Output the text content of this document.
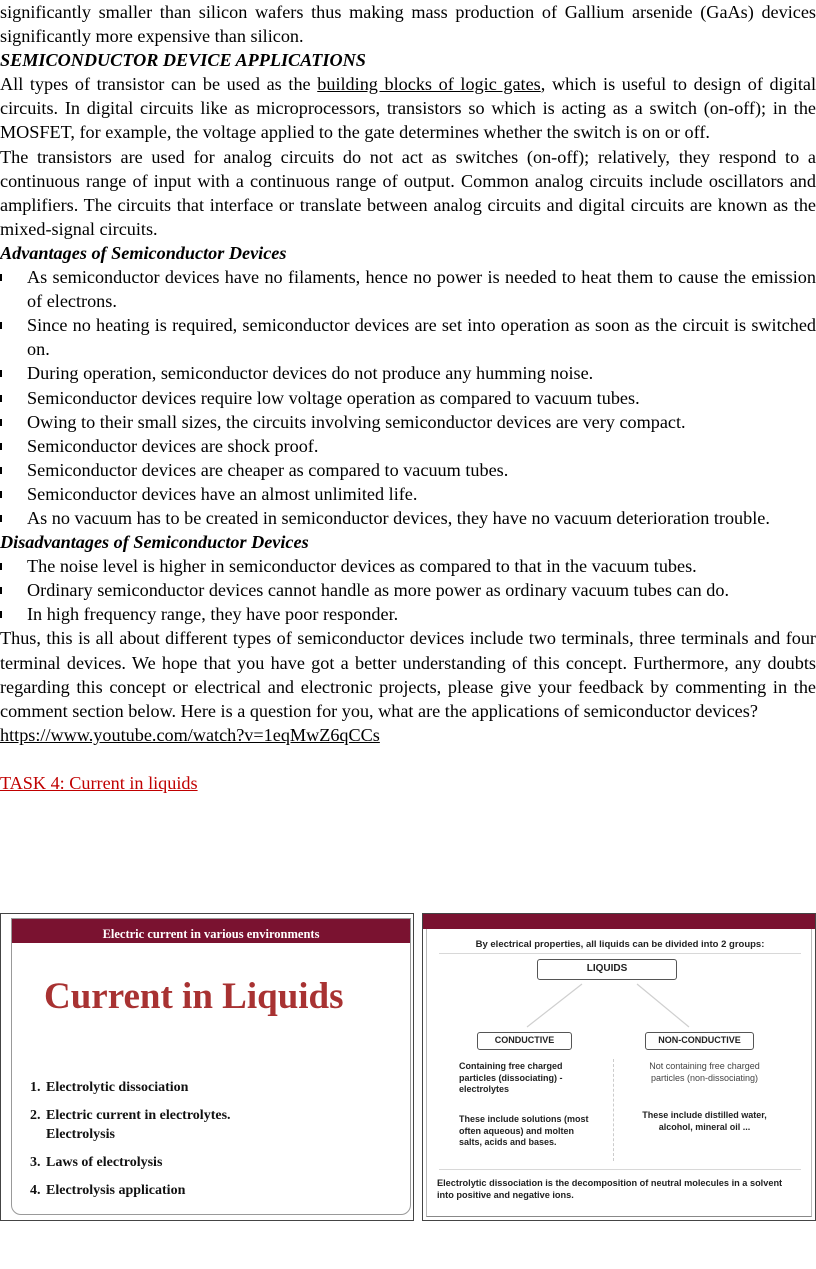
significantly smaller than silicon wafers thus making mass production of Gallium arsenide (GaAs) devices significantly more expensive than silicon.

SEMICONDUCTOR DEVICE APPLICATIONS

All types of transistor can be used as the building blocks of logic gates, which is useful to design of digital circuits. In digital circuits like as microprocessors, transistors so which is acting as a switch (on-off); in the MOSFET, for example, the voltage applied to the gate determines whether the switch is on or off.

The transistors are used for analog circuits do not act as switches (on-off); relatively, they respond to a continuous range of input with a continuous range of output. Common analog circuits include oscillators and amplifiers. The circuits that interface or translate between analog circuits and digital circuits are known as the mixed-signal circuits.

Advantages of Semiconductor Devices

As semiconductor devices have no filaments, hence no power is needed to heat them to cause the emission of electrons.
Since no heating is required, semiconductor devices are set into operation as soon as the circuit is switched on.
During operation, semiconductor devices do not produce any humming noise.
Semiconductor devices require low voltage operation as compared to vacuum tubes.
Owing to their small sizes, the circuits involving semiconductor devices are very compact.
Semiconductor devices are shock proof.
Semiconductor devices are cheaper as compared to vacuum tubes.
Semiconductor devices have an almost unlimited life.
As no vacuum has to be created in semiconductor devices, they have no vacuum deterioration trouble.

Disadvantages of Semiconductor Devices

The noise level is higher in semiconductor devices as compared to that in the vacuum tubes.
Ordinary semiconductor devices cannot handle as more power as ordinary vacuum tubes can do.
In high frequency range, they have poor responder.

Thus, this is all about different types of semiconductor devices include two terminals, three terminals and four terminal devices. We hope that you have got a better understanding of this concept. Furthermore, any doubts regarding this concept or electrical and electronic projects, please give your feedback by commenting in the comment section below. Here is a question for you, what are the applications of semiconductor devices?

https://www.youtube.com/watch?v=1eqMwZ6qCCs

TASK 4: Current in liquids

Electric current in various environments
Current in Liquids
1. Electrolytic dissociation
2. Electric current in electrolytes. Electrolysis
3. Laws of electrolysis
4. Electrolysis application
By electrical properties, all liquids can be divided into 2 groups:
LIQUIDS
CONDUCTIVE	NON-CONDUCTIVE
Containing free charged particles (dissociating) - electrolytes
Not containing free charged particles (non-dissociating)
These include solutions (most often aqueous) and molten salts, acids and bases.
These include distilled water, alcohol, mineral oil ...
Electrolytic dissociation is the decomposition of neutral molecules in a solvent into positive and negative ions.
